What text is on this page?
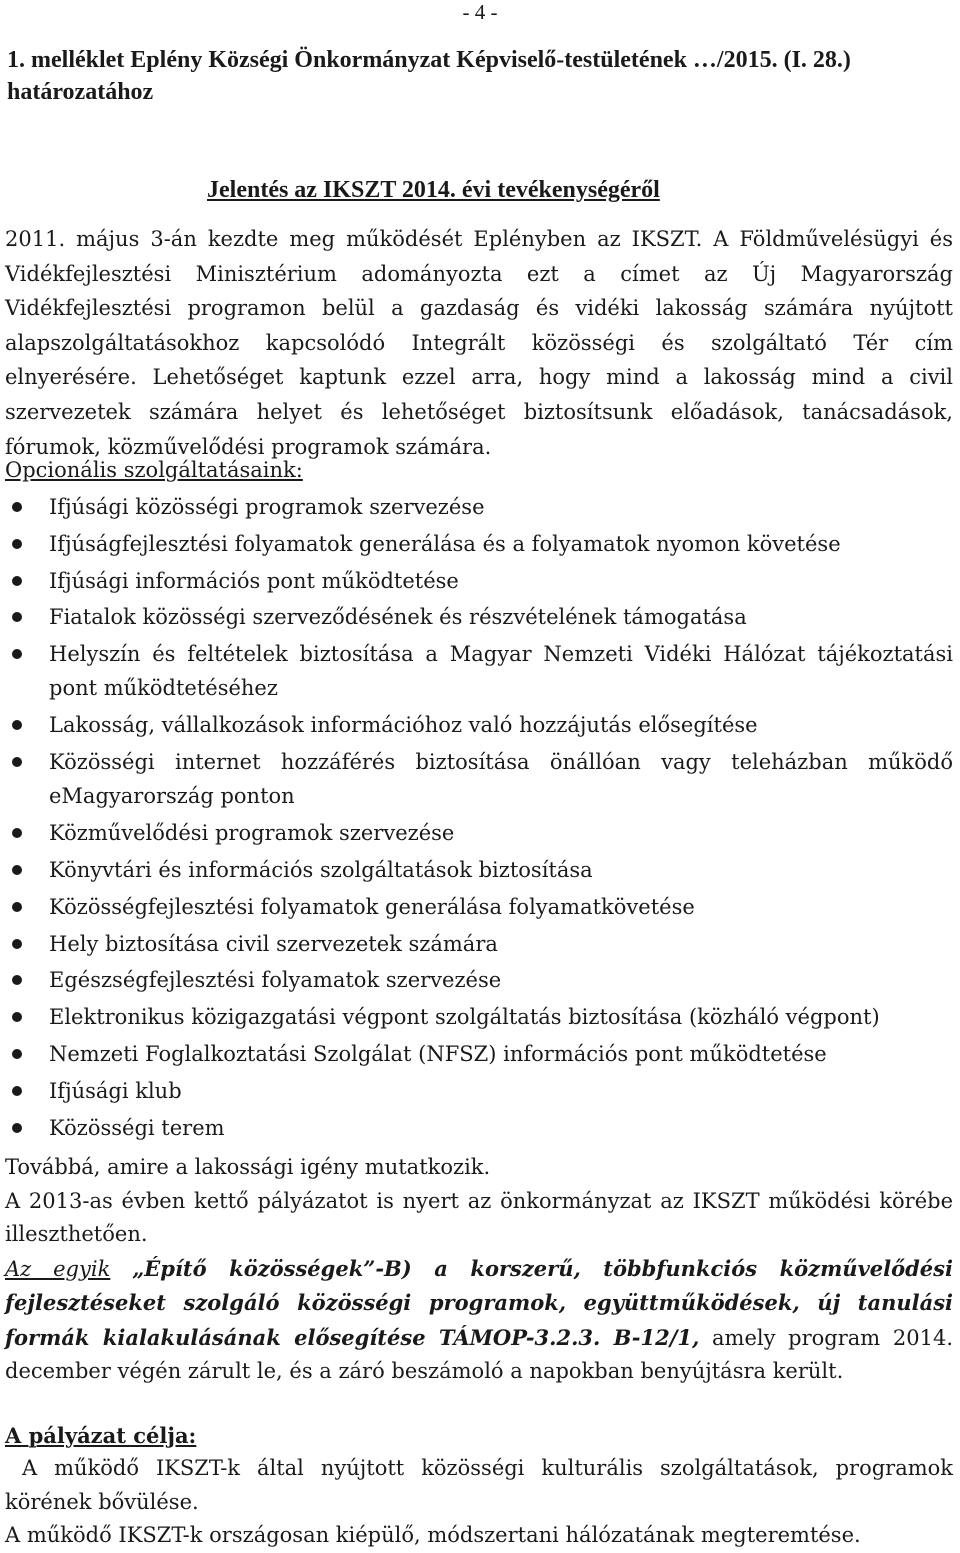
- 4 -
1. melléklet Eplény Községi Önkormányzat Képviselő-testületének …/2015. (I. 28.) határozatához
Jelentés az IKSZT 2014. évi tevékenységéről

2011. május 3-án kezdte meg működését Eplényben az IKSZT. A Földművelésügyi és Vidékfejlesztési Minisztérium adományozta ezt a címet az Új Magyarország Vidékfejlesztési programon belül a gazdaság és vidéki lakosság számára nyújtott alapszolgáltatásokhoz kapcsolódó Integrált közösségi és szolgáltató Tér cím elnyerésére. Lehetőséget kaptunk ezzel arra, hogy mind a lakosság mind a civil szervezetek számára helyet és lehetőséget biztosítsunk előadások, tanácsadások, fórumok, közművelődési programok számára.

Opcionális szolgáltatásaink:

Ifjúsági közösségi programok szervezése
Ifjúságfejlesztési folyamatok generálása és a folyamatok nyomon követése
Ifjúsági információs pont működtetése
Fiatalok közösségi szerveződésének és részvételének támogatása
Helyszín és feltételek biztosítása a Magyar Nemzeti Vidéki Hálózat tájékoztatási pont működtetéséhez
Lakosság, vállalkozások információhoz való hozzájutás elősegítése
Közösségi internet hozzáférés biztosítása önállóan vagy teleházban működő eMagyarország ponton
Közművelődési programok szervezése
Könyvtári és információs szolgáltatások biztosítása
Közösségfejlesztési folyamatok generálása folyamatkövetése
Hely biztosítása civil szervezetek számára
Egészségfejlesztési folyamatok szervezése
Elektronikus közigazgatási végpont szolgáltatás biztosítása (közháló végpont)
Nemzeti Foglalkoztatási Szolgálat (NFSZ) információs pont működtetése
Ifjúsági klub
Közösségi terem

Továbbá, amire a lakossági igény mutatkozik.

A 2013-as évben kettő pályázatot is nyert az önkormányzat az IKSZT működési körébe illeszthetően.

Az egyik „Építő közösségek”-B) a korszerű, többfunkciós közművelődési fejlesztéseket szolgáló közösségi programok, együttműködések, új tanulási formák kialakulásának elősegítése TÁMOP-3.2.3. B-12/1, amely program 2014. december végén zárult le, és a záró beszámoló a napokban benyújtásra került.

A pályázat célja:

A működő IKSZT-k által nyújtott közösségi kulturális szolgáltatások, programok körének bővülése.

A működő IKSZT-k országosan kiépülő, módszertani hálózatának megteremtése.
